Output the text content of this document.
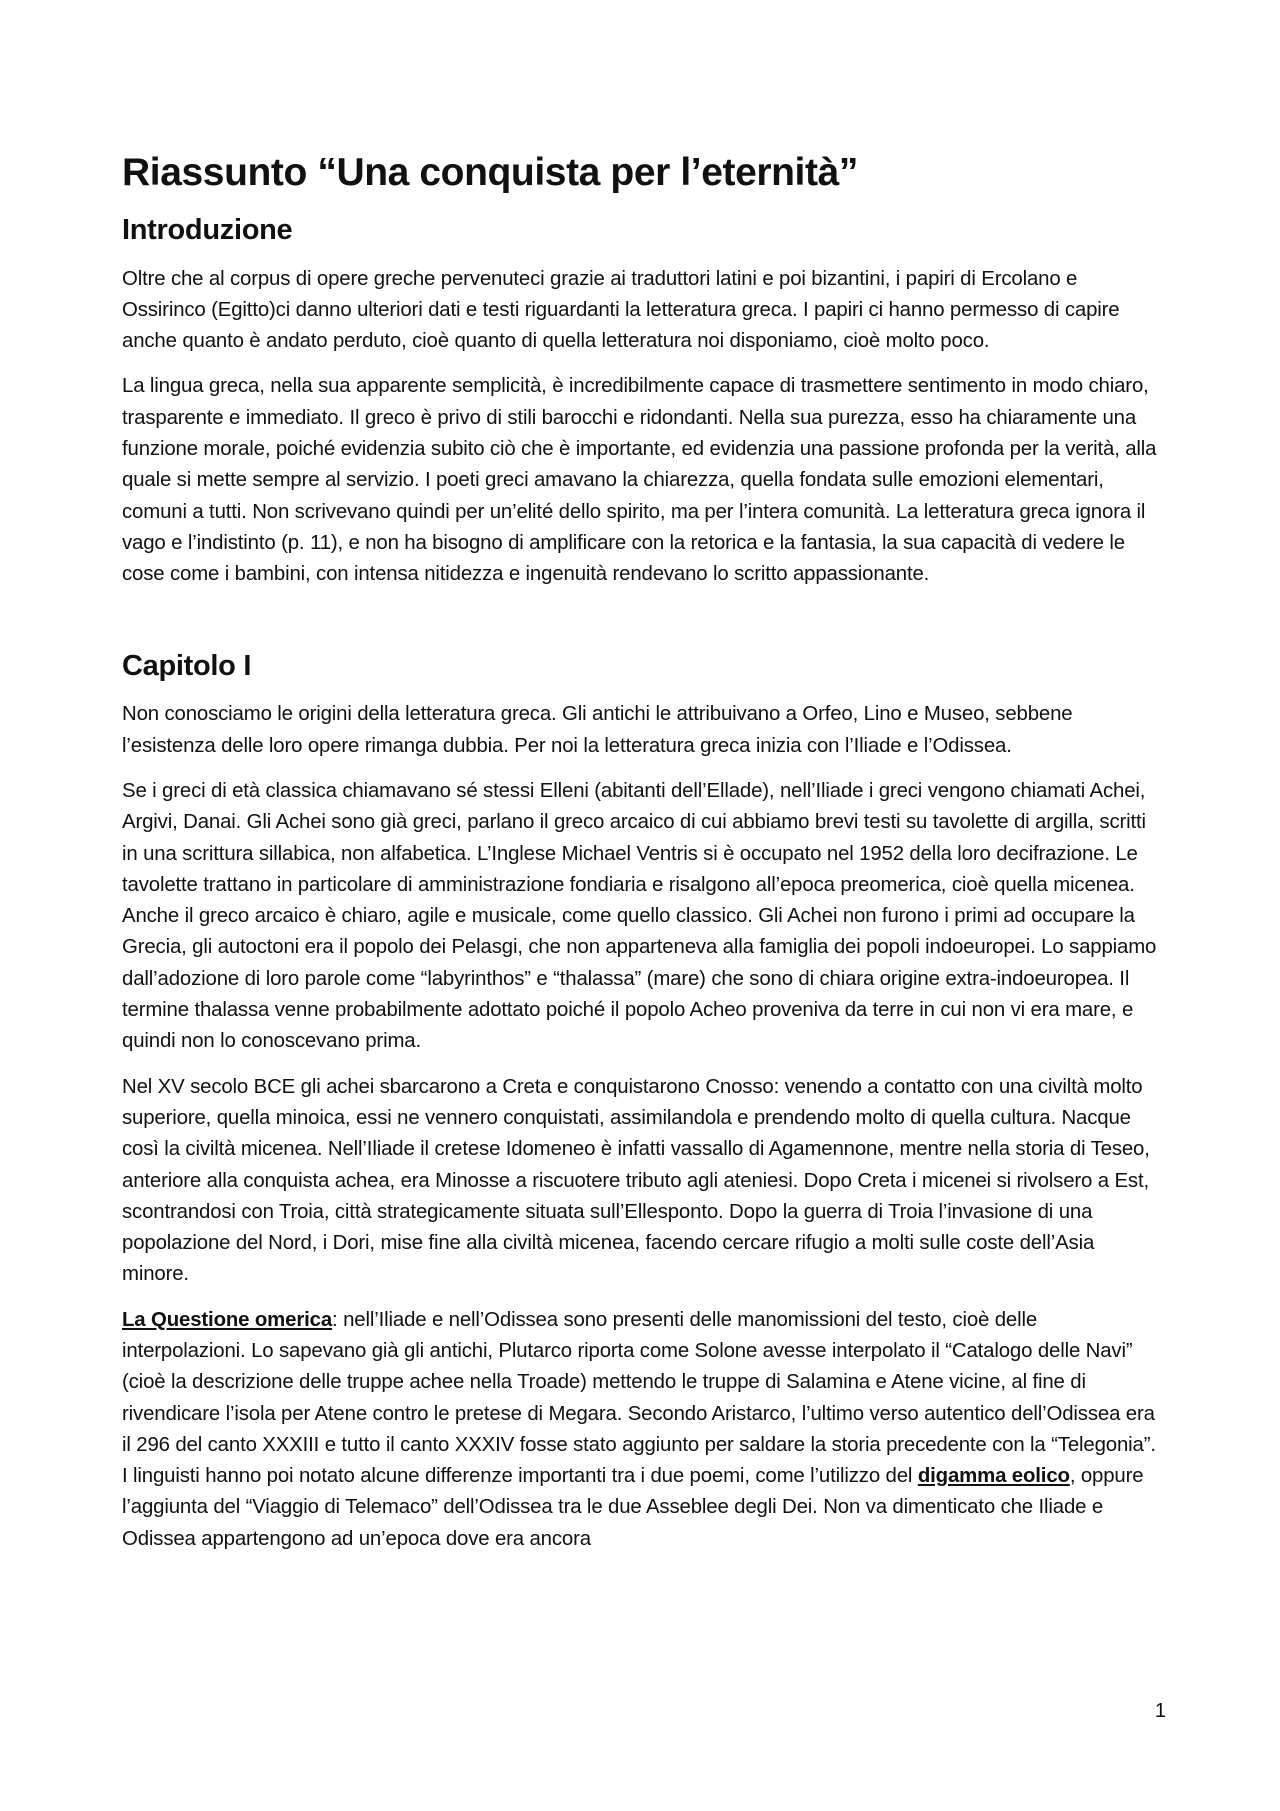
Riassunto “Una conquista per l’eternità”
Introduzione

Oltre che al corpus di opere greche pervenuteci grazie ai traduttori latini e poi bizantini, i papiri di Ercolano e Ossirinco (Egitto)ci danno ulteriori dati e testi riguardanti la letteratura greca. I papiri ci hanno permesso di capire anche quanto è andato perduto, cioè quanto di quella letteratura noi disponiamo, cioè molto poco.

La lingua greca, nella sua apparente semplicità, è incredibilmente capace di trasmettere sentimento in modo chiaro, trasparente e immediato. Il greco è privo di stili barocchi e ridondanti. Nella sua purezza, esso ha chiaramente una funzione morale, poiché evidenzia subito ciò che è importante, ed evidenzia una passione profonda per la verità, alla quale si mette sempre al servizio. I poeti greci amavano la chiarezza, quella fondata sulle emozioni elementari, comuni a tutti. Non scrivevano quindi per un’elité dello spirito, ma per l’intera comunità. La letteratura greca ignora il vago e l’indistinto (p. 11), e non ha bisogno di amplificare con la retorica e la fantasia, la sua capacità di vedere le cose come i bambini, con intensa nitidezza e ingenuità rendevano lo scritto appassionante.

Capitolo I

Non conosciamo le origini della letteratura greca. Gli antichi le attribuivano a Orfeo, Lino e Museo, sebbene l’esistenza delle loro opere rimanga dubbia. Per noi la letteratura greca inizia con l’Iliade e l’Odissea.

Se i greci di età classica chiamavano sé stessi Elleni (abitanti dell’Ellade), nell’Iliade i greci vengono chiamati Achei, Argivi, Danai. Gli Achei sono già greci, parlano il greco arcaico di cui abbiamo brevi testi su tavolette di argilla, scritti in una scrittura sillabica, non alfabetica. L’Inglese Michael Ventris si è occupato nel 1952 della loro decifrazione. Le tavolette trattano in particolare di amministrazione fondiaria e risalgono all’epoca preomerica, cioè quella micenea. Anche il greco arcaico è chiaro, agile e musicale, come quello classico. Gli Achei non furono i primi ad occupare la Grecia, gli autoctoni era il popolo dei Pelasgi, che non apparteneva alla famiglia dei popoli indoeuropei. Lo sappiamo dall’adozione di loro parole come “labyrinthos” e “thalassa” (mare) che sono di chiara origine extra-indoeuropea. Il termine thalassa venne probabilmente adottato poiché il popolo Acheo proveniva da terre in cui non vi era mare, e quindi non lo conoscevano prima.

Nel XV secolo BCE gli achei sbarcarono a Creta e conquistarono Cnosso: venendo a contatto con una civiltà molto superiore, quella minoica, essi ne vennero conquistati, assimilandola e prendendo molto di quella cultura. Nacque così la civiltà micenea. Nell’Iliade il cretese Idomeneo è infatti vassallo di Agamennone, mentre nella storia di Teseo, anteriore alla conquista achea, era Minosse a riscuotere tributo agli ateniesi. Dopo Creta i micenei si rivolsero a Est, scontrandosi con Troia, città strategicamente situata sull’Ellesponto. Dopo la guerra di Troia l’invasione di una popolazione del Nord, i Dori, mise fine alla civiltà micenea, facendo cercare rifugio a molti sulle coste dell’Asia minore.

La Questione omerica: nell’Iliade e nell’Odissea sono presenti delle manomissioni del testo, cioè delle interpolazioni. Lo sapevano già gli antichi, Plutarco riporta come Solone avesse interpolato il “Catalogo delle Navi” (cioè la descrizione delle truppe achee nella Troade) mettendo le truppe di Salamina e Atene vicine, al fine di rivendicare l’isola per Atene contro le pretese di Megara. Secondo Aristarco, l’ultimo verso autentico dell’Odissea era il 296 del canto XXXIII e tutto il canto XXXIV fosse stato aggiunto per saldare la storia precedente con la “Telegonia”. I linguisti hanno poi notato alcune differenze importanti tra i due poemi, come l’utilizzo del digamma eolico, oppure l’aggiunta del “Viaggio di Telemaco” dell’Odissea tra le due Asseblee degli Dei. Non va dimenticato che Iliade e Odissea appartengono ad un’epoca dove era ancora

1
